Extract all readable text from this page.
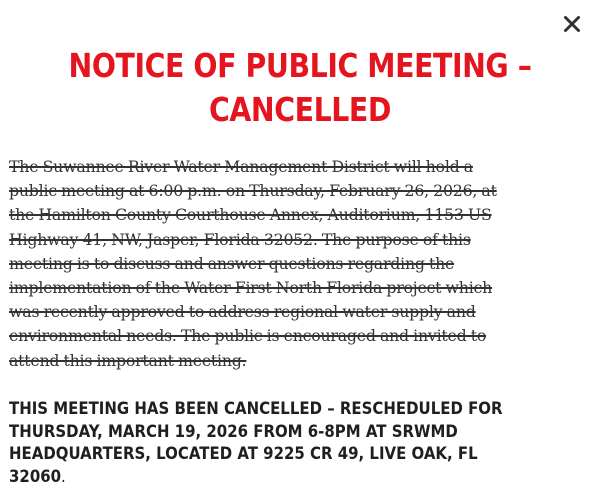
NOTICE OF PUBLIC MEETING –
CANCELLED

The Suwannee River Water Management District will hold a
public meeting at 6:00 p.m. on Thursday, February 26, 2026, at
the Hamilton County Courthouse Annex, Auditorium, 1153 US
Highway 41, NW, Jasper, Florida 32052. The purpose of this
meeting is to discuss and answer questions regarding the
implementation of the Water First North Florida project which
was recently approved to address regional water supply and
environmental needs. The public is encouraged and invited to
attend this important meeting.

THIS MEETING HAS BEEN CANCELLED – RESCHEDULED FOR
THURSDAY, MARCH 19, 2026 FROM 6-8PM AT SRWMD
HEADQUARTERS, LOCATED AT 9225 CR 49, LIVE OAK, FL
32060.
